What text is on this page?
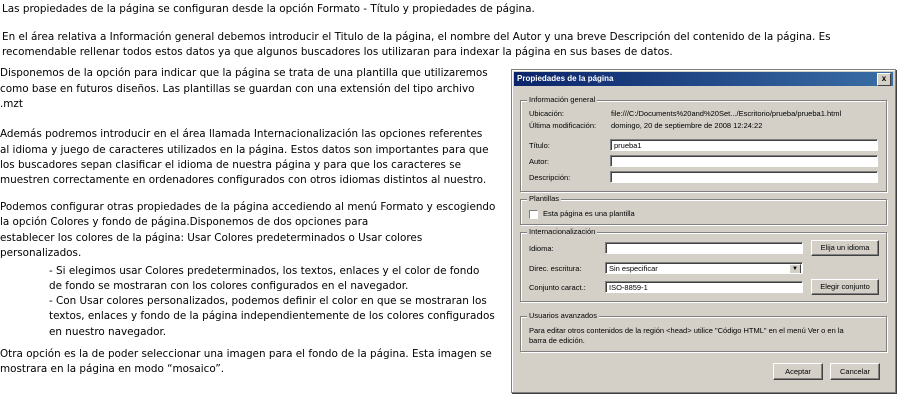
Las propiedades de la página se configuran desde la opción Formato - Título y propiedades de página.

En el área relativa a Información general debemos introducir el Titulo de la página, el nombre del Autor y una breve Descripción del contenido de la página. Es

recomendable rellenar todos estos datos ya que algunos buscadores los utilizaran para indexar la página en sus bases de datos.

Disponemos de la opción para indicar que la página se trata de una plantilla que utilizaremos

como base en futuros diseños. Las plantillas se guardan con una extensión del tipo archivo

.mzt

Además podremos introducir en el área llamada Internacionalización las opciones referentes

al idioma y juego de caracteres utilizados en la página. Estos datos son importantes para que

los buscadores sepan clasificar el idioma de nuestra página y para que los caracteres se

muestren correctamente en ordenadores configurados con otros idiomas distintos al nuestro.

Podemos configurar otras propiedades de la página accediendo al menú Formato y escogiendo

la opción Colores y fondo de página.Disponemos de dos opciones para

establecer los colores de la página: Usar Colores predeterminados o Usar colores

personalizados.

- Si elegimos usar Colores predeterminados, los textos, enlaces y el color de fondo

de fondo se mostraran con los colores configurados en el navegador.

- Con Usar colores personalizados, podemos definir el color en que se mostraran los

textos, enlaces y fondo de la página independientemente de los colores configurados

en nuestro navegador.

Otra opción es la de poder seleccionar una imagen para el fondo de la página. Esta imagen se

mostrara en la página en modo “mosaico”.

Propiedades de la página	x
Información general
Ubicación:	file:///C:/Documents%20and%20Set.../Escritorio/prueba/prueba1.html
Última modificación: domingo, 20 de septiembre de 2008 12:24:22
Título:	prueba1
Autor:
Descripción:
Plantillas
Esta página es una plantilla
Internacionalización
Idioma:	Elija un idioma
Direc. escritura:	Sin especificar	▼
Conjunto caract.:	ISO-8859-1	Elegir conjunto
Usuarios avanzados
Para editar otros contenidos de la región <head> utilice "Código HTML" en el menú Ver o en la
barra de edición.
Aceptar	Cancelar
